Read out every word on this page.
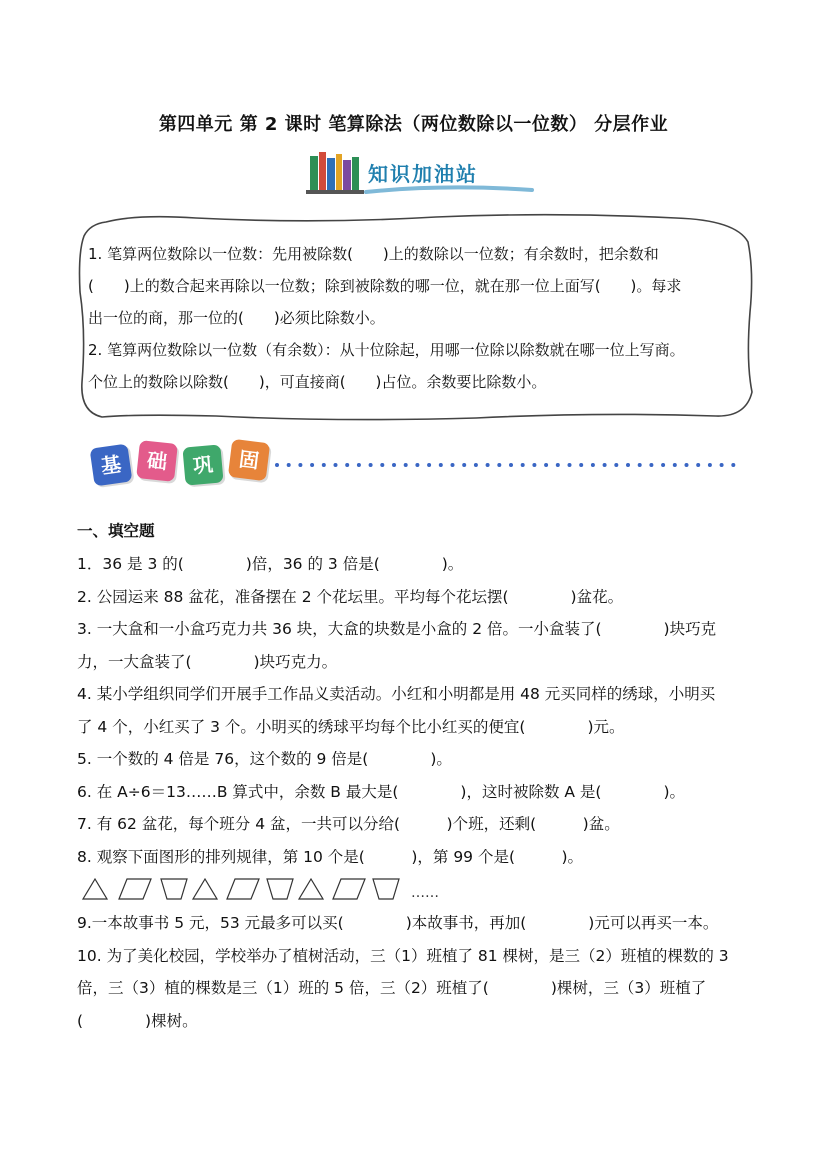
第四单元 第 2 课时 笔算除法（两位数除以一位数） 分层作业
知识加油站

1. 笔算两位数除以一位数：先用被除数(　　)上的数除以一位数；有余数时，把余数和

(　　)上的数合起来再除以一位数；除到被除数的哪一位，就在那一位上面写(　　)。每求

出一位的商，那一位的(　　)必须比除数小。

2. 笔算两位数除以一位数（有余数）：从十位除起，用哪一位除以除数就在哪一位上写商。

个位上的数除以除数(　　)，可直接商(　　)占位。余数要比除数小。

基	础	巩	固
一、填空题

1．36 是 3 的(　　　　)倍，36 的 3 倍是(　　　　)。

2. 公园运来 88 盆花，准备摆在 2 个花坛里。平均每个花坛摆(　　　　)盆花。

3. 一大盒和一小盒巧克力共 36 块，大盒的块数是小盒的 2 倍。一小盒装了(　　　　)块巧克

力，一大盒装了(　　　　)块巧克力。

4. 某小学组织同学们开展手工作品义卖活动。小红和小明都是用 48 元买同样的绣球，小明买

了 4 个，小红买了 3 个。小明买的绣球平均每个比小红买的便宜(　　　　)元。

5. 一个数的 4 倍是 76，这个数的 9 倍是(　　　　)。

6. 在 A÷6＝13……B 算式中，余数 B 最大是(　　　　)，这时被除数 A 是(　　　　)。

7. 有 62 盆花，每个班分 4 盆，一共可以分给(　　　)个班，还剩(　　　)盆。

8. 观察下面图形的排列规律，第 10 个是(　　　)，第 99 个是(　　　)。

……

9.一本故事书 5 元，53 元最多可以买(　　　　)本故事书，再加(　　　　)元可以再买一本。

10. 为了美化校园，学校举办了植树活动，三（1）班植了 81 棵树，是三（2）班植的棵数的 3

倍，三（3）植的棵数是三（1）班的 5 倍，三（2）班植了(　　　　)棵树，三（3）班植了

(　　　　)棵树。
